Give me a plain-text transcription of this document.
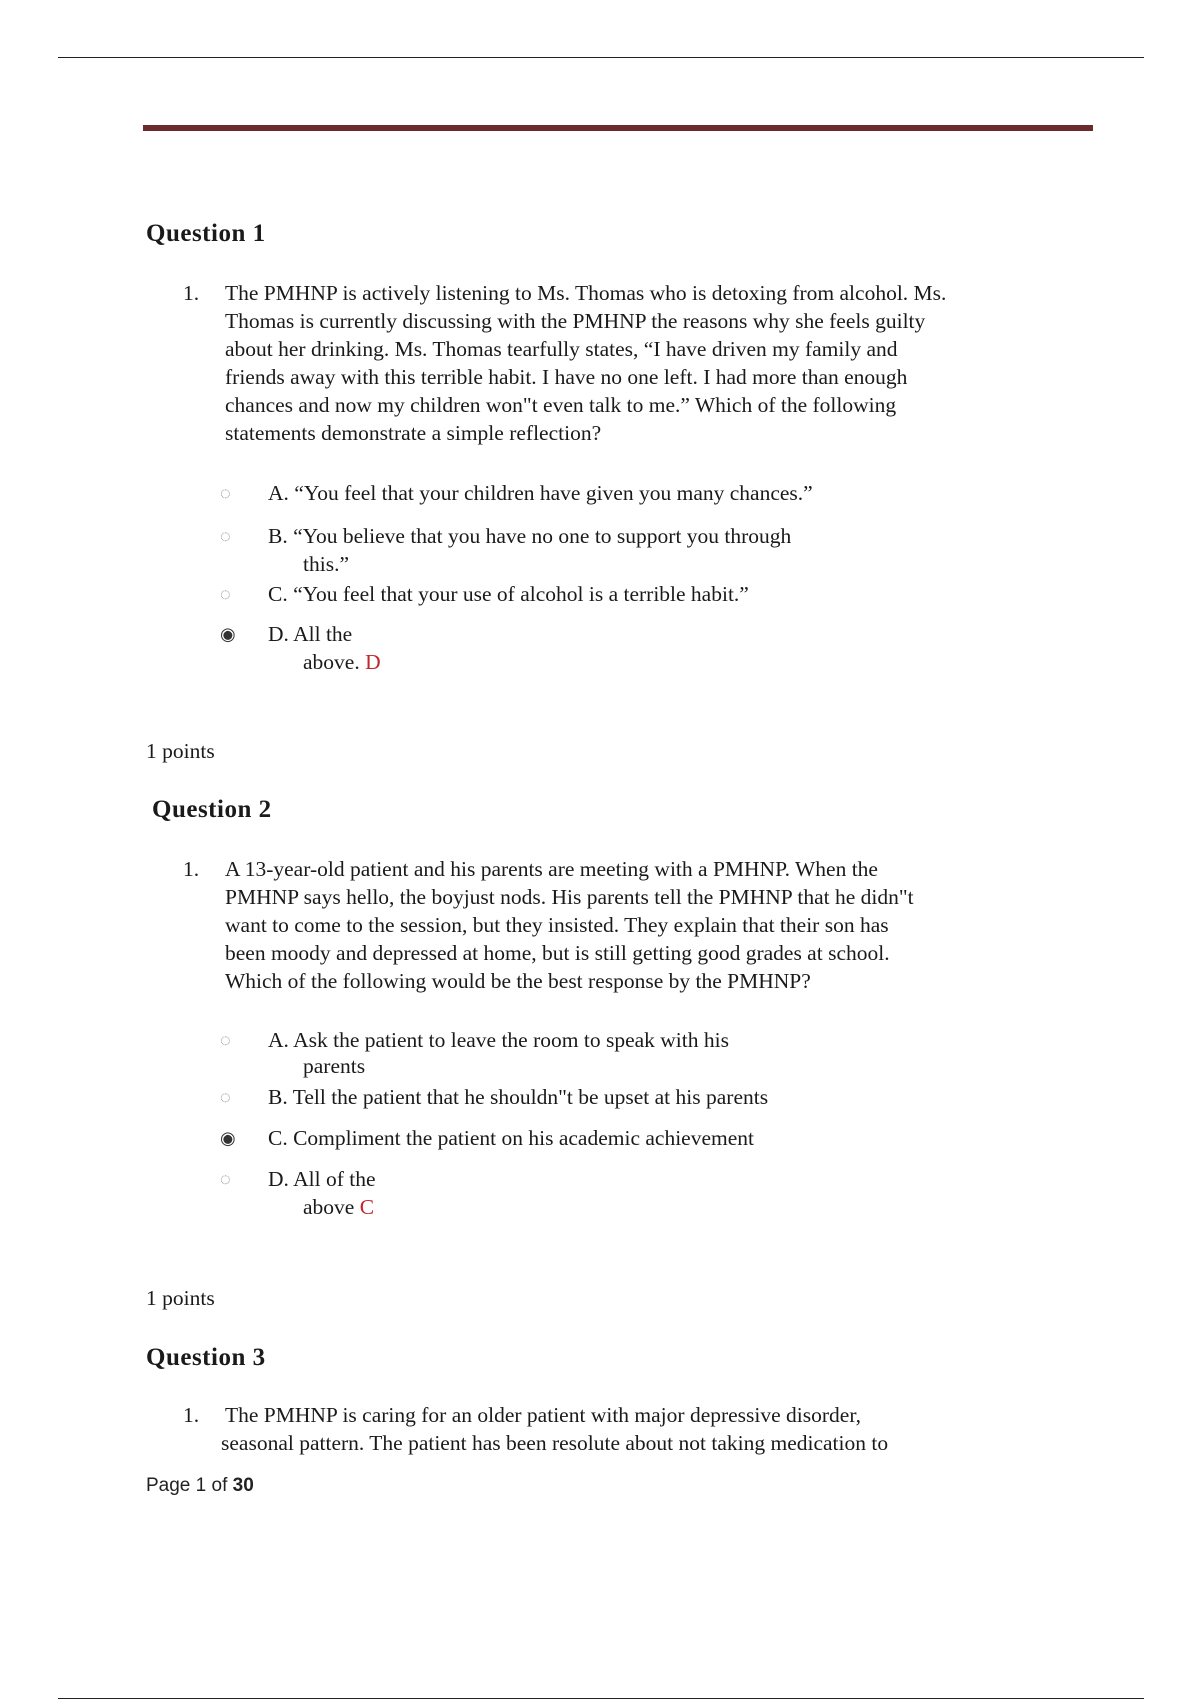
Question 1
1. The PMHNP is actively listening to Ms. Thomas who is detoxing from alcohol. Ms.
Thomas is currently discussing with the PMHNP the reasons why she feels guilty
about her drinking. Ms. Thomas tearfully states, “I have driven my family and
friends away with this terrible habit. I have no one left. I had more than enough
chances and now my children won"t even talk to me.” Which of the following
statements demonstrate a simple reflection?
◌	A. “You feel that your children have given you many chances.”
◌	B. “You believe that you have no one to support you through
this.”
◌	C. “You feel that your use of alcohol is a terrible habit.”
◉ D. All the
above. D

1 points

Question 2
1. A 13-year-old patient and his parents are meeting with a PMHNP. When the
PMHNP says hello, the boyjust nods. His parents tell the PMHNP that he didn"t
want to come to the session, but they insisted. They explain that their son has
been moody and depressed at home, but is still getting good grades at school.
Which of the following would be the best response by the PMHNP?
◌	A. Ask the patient to leave the room to speak with his
parents
◌	B. Tell the patient that he shouldn"t be upset at his parents
◉ C. Compliment the patient on his academic achievement
◌	D. All of the
above C

1 points

Question 3
1. The PMHNP is caring for an older patient with major depressive disorder,
seasonal pattern. The patient has been resolute about not taking medication to
Page 1 of 30
